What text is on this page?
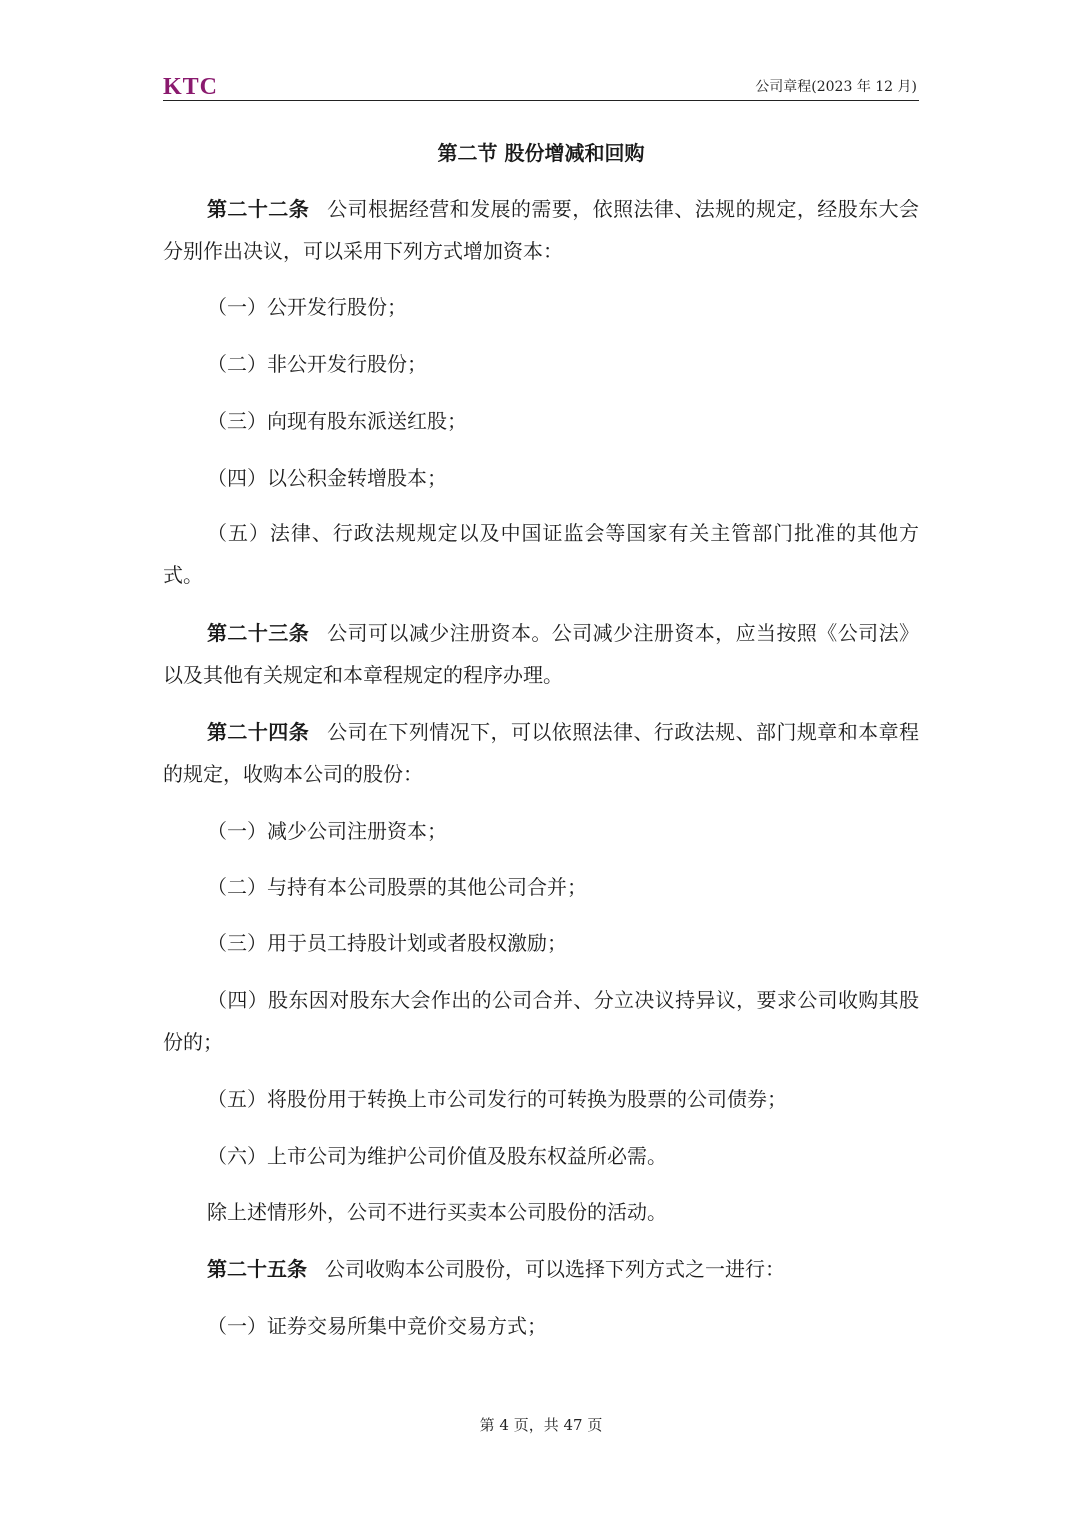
KTC	公司章程(2023 年 12 月)
第二节 股份增减和回购

第二十二条 公司根据经营和发展的需要，依照法律、法规的规定，经股东大会分别作出决议，可以采用下列方式增加资本：

（一）公开发行股份；

（二）非公开发行股份；

（三）向现有股东派送红股；

（四）以公积金转增股本；

（五）法律、行政法规规定以及中国证监会等国家有关主管部门批准的其他方式。

第二十三条 公司可以减少注册资本。公司减少注册资本，应当按照《公司法》以及其他有关规定和本章程规定的程序办理。

第二十四条 公司在下列情况下，可以依照法律、行政法规、部门规章和本章程的规定，收购本公司的股份：

（一）减少公司注册资本；

（二）与持有本公司股票的其他公司合并；

（三）用于员工持股计划或者股权激励；

（四）股东因对股东大会作出的公司合并、分立决议持异议，要求公司收购其股份的；

（五）将股份用于转换上市公司发行的可转换为股票的公司债券；

（六）上市公司为维护公司价值及股东权益所必需。

除上述情形外，公司不进行买卖本公司股份的活动。

第二十五条 公司收购本公司股份，可以选择下列方式之一进行：

（一）证券交易所集中竞价交易方式；

第 4 页，共 47 页
